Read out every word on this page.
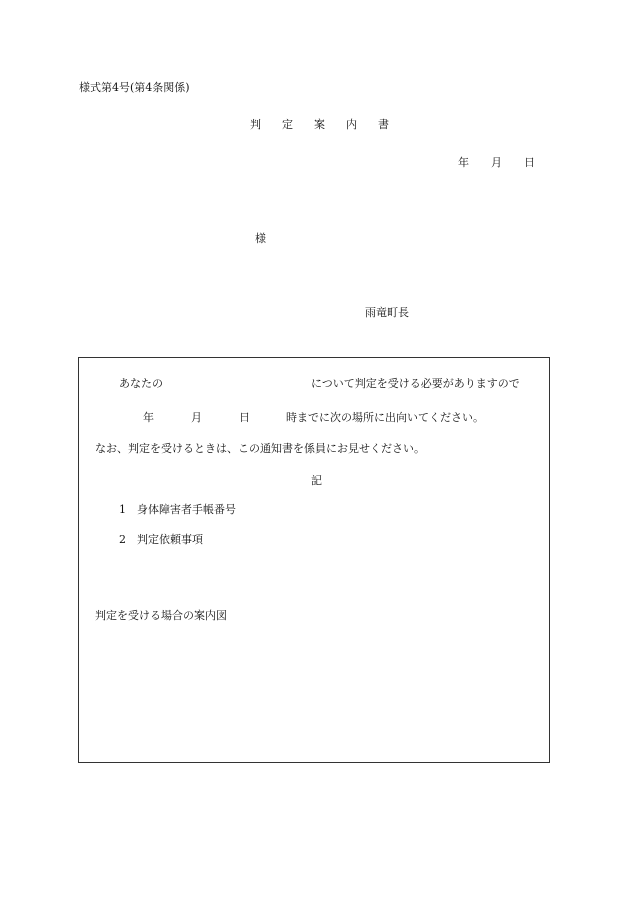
様式第4号(第4条関係)
判 定 案 内 書
年 月 日
様
雨竜町長
あなたの	について判定を受ける必要がありますので
年	月	日	時までに次の場所に出向いてください。
なお、判定を受けるときは、この通知書を係員にお見せください。
記
1 身体障害者手帳番号
2 判定依頼事項
判定を受ける場合の案内図
